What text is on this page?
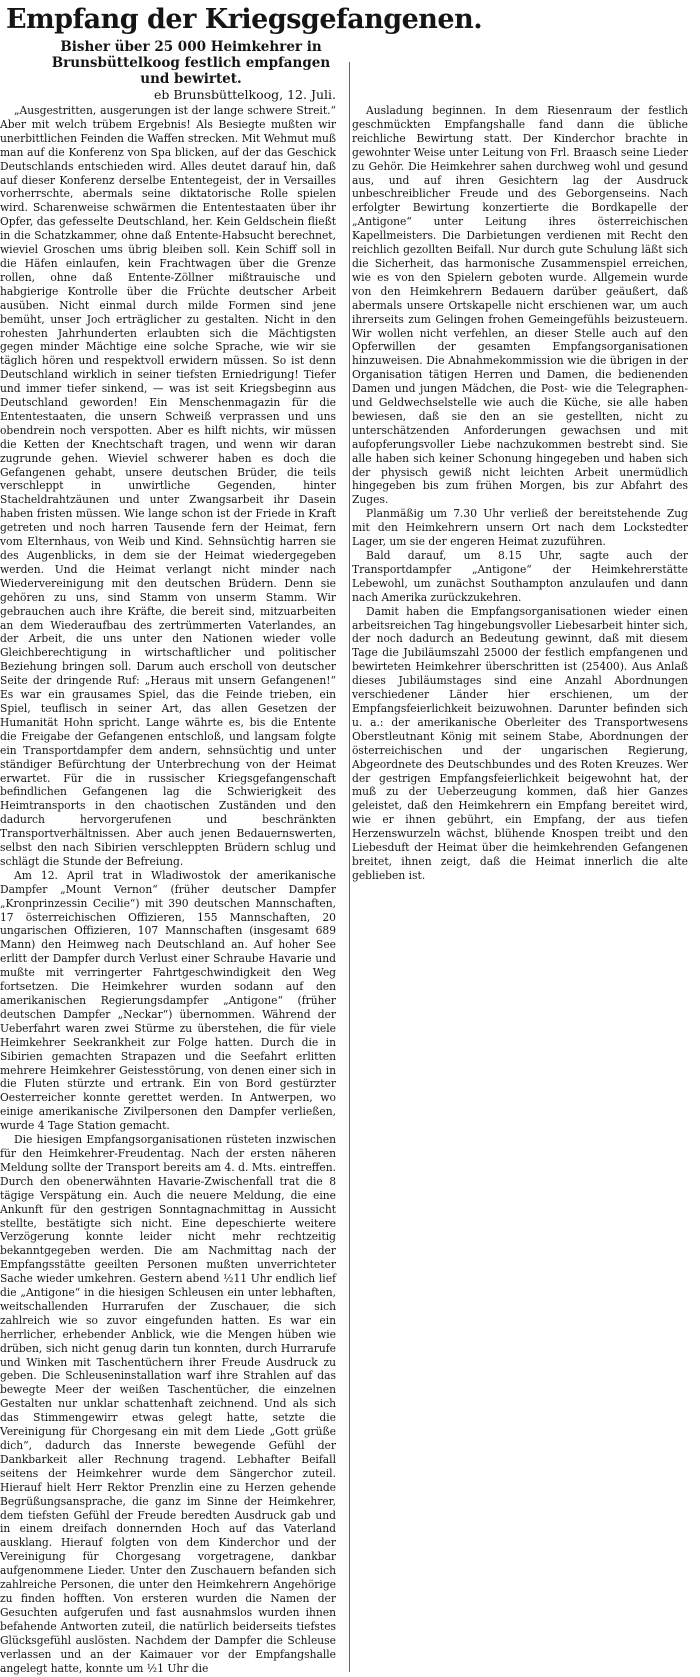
Empfang der Kriegsgefangenen.
Bisher über 25 000 Heimkehrer in Brunsbüttelkoog festlich empfangen und bewirtet.
eb Brunsbüttelkoog, 12. Juli.

„Ausgestritten, ausgerungen ist der lange schwere Streit.“ Aber mit welch trübem Ergebnis! Als Besiegte mußten wir unerbittlichen Feinden die Waffen strecken. Mit Wehmut muß man auf die Konferenz von Spa blicken, auf der das Geschick Deutschlands entschieden wird. Alles deutet darauf hin, daß auf dieser Konferenz derselbe Ententegeist, der in Versailles vorherrschte, abermals seine diktatorische Rolle spielen wird. Scharenweise schwärmen die Ententestaaten über ihr Opfer, das gefesselte Deutschland, her. Kein Geldschein fließt in die Schatzkammer, ohne daß Entente-Habsucht berechnet, wieviel Groschen ums übrig bleiben soll. Kein Schiff soll in die Häfen einlaufen, kein Frachtwagen über die Grenze rollen, ohne daß Entente-Zöllner mißtrauische und habgierige Kontrolle über die Früchte deutscher Arbeit ausüben. Nicht einmal durch milde Formen sind jene bemüht, unser Joch erträglicher zu gestalten. Nicht in den rohesten Jahrhunderten erlaubten sich die Mächtigsten gegen minder Mächtige eine solche Sprache, wie wir sie täglich hören und respektvoll erwidern müssen. So ist denn Deutschland wirklich in seiner tiefsten Erniedrigung! Tiefer und immer tiefer sinkend, — was ist seit Kriegsbeginn aus Deutschland geworden! Ein Menschenmagazin für die Ententestaaten, die unsern Schweiß verprassen und uns obendrein noch verspotten. Aber es hilft nichts, wir müssen die Ketten der Knechtschaft tragen, und wenn wir daran zugrunde gehen. Wieviel schwerer haben es doch die Gefangenen gehabt, unsere deutschen Brüder, die teils verschleppt in unwirtliche Gegenden, hinter Stacheldrahtzäunen und unter Zwangsarbeit ihr Dasein haben fristen müssen. Wie lange schon ist der Friede in Kraft getreten und noch harren Tausende fern der Heimat, fern vom Elternhaus, von Weib und Kind. Sehnsüchtig harren sie des Augenblicks, in dem sie der Heimat wiedergegeben werden. Und die Heimat verlangt nicht minder nach Wiedervereinigung mit den deutschen Brüdern. Denn sie gehören zu uns, sind Stamm von unserm Stamm. Wir gebrauchen auch ihre Kräfte, die bereit sind, mitzuarbeiten an dem Wiederaufbau des zertrümmerten Vaterlandes, an der Arbeit, die uns unter den Nationen wieder volle Gleichberechtigung in wirtschaftlicher und politischer Beziehung bringen soll. Darum auch erscholl von deutscher Seite der dringende Ruf: „Heraus mit unsern Gefangenen!“ Es war ein grausames Spiel, das die Feinde trieben, ein Spiel, teuflisch in seiner Art, das allen Gesetzen der Humanität Hohn spricht. Lange währte es, bis die Entente die Freigabe der Gefangenen entschloß, und langsam folgte ein Transportdampfer dem andern, sehnsüchtig und unter ständiger Befürchtung der Unterbrechung von der Heimat erwartet. Für die in russischer Kriegsgefangenschaft befindlichen Gefangenen lag die Schwierigkeit des Heimtransports in den chaotischen Zuständen und den dadurch hervorgerufenen und beschränkten Transportverhältnissen. Aber auch jenen Bedauernswerten, selbst den nach Sibirien verschleppten Brüdern schlug und schlägt die Stunde der Befreiung.

Am 12. April trat in Wladiwostok der amerikanische Dampfer „Mount Vernon“ (früher deutscher Dampfer „Kronprinzessin Cecilie“) mit 390 deutschen Mannschaften, 17 österreichischen Offizieren, 155 Mannschaften, 20 ungarischen Offizieren, 107 Mannschaften (insgesamt 689 Mann) den Heimweg nach Deutschland an. Auf hoher See erlitt der Dampfer durch Verlust einer Schraube Havarie und mußte mit verringerter Fahrtgeschwindigkeit den Weg fortsetzen. Die Heimkehrer wurden sodann auf den amerikanischen Regierungsdampfer „Antigone“ (früher deutschen Dampfer „Neckar“) übernommen. Während der Ueberfahrt waren zwei Stürme zu überstehen, die für viele Heimkehrer Seekrankheit zur Folge hatten. Durch die in Sibirien gemachten Strapazen und die Seefahrt erlitten mehrere Heimkehrer Geistesstörung, von denen einer sich in die Fluten stürzte und ertrank. Ein von Bord gestürzter Oesterreicher konnte gerettet werden. In Antwerpen, wo einige amerikanische Zivilpersonen den Dampfer verließen, wurde 4 Tage Station gemacht.

Die hiesigen Empfangsorganisationen rüsteten inzwischen für den Heimkehrer-Freudentag. Nach der ersten näheren Meldung sollte der Transport bereits am 4. d. Mts. eintreffen. Durch den obenerwähnten Havarie-Zwischenfall trat die 8 tägige Verspätung ein. Auch die neuere Meldung, die eine Ankunft für den gestrigen Sonntagnachmittag in Aussicht stellte, bestätigte sich nicht. Eine depeschierte weitere Verzögerung konnte leider nicht mehr rechtzeitig bekanntgegeben werden. Die am Nachmittag nach der Empfangsstätte geeilten Personen mußten unverrichteter Sache wieder umkehren. Gestern abend ½11 Uhr endlich lief die „Antigone“ in die hiesigen Schleusen ein unter lebhaften, weitschallenden Hurrarufen der Zuschauer, die sich zahlreich wie so zuvor eingefunden hatten. Es war ein herrlicher, erhebender Anblick, wie die Mengen hüben wie drüben, sich nicht genug darin tun konnten, durch Hurrarufe und Winken mit Taschentüchern ihrer Freude Ausdruck zu geben. Die Schleuseninstallation warf ihre Strahlen auf das bewegte Meer der weißen Taschentücher, die einzelnen Gestalten nur unklar schattenhaft zeichnend. Und als sich das Stimmengewirr etwas gelegt hatte, setzte die Vereinigung für Chorgesang ein mit dem Liede „Gott grüße dich“, dadurch das Innerste bewegende Gefühl der Dankbarkeit aller Rechnung tragend. Lebhafter Beifall seitens der Heimkehrer wurde dem Sängerchor zuteil. Hierauf hielt Herr Rektor Prenzlin eine zu Herzen gehende Begrüßungsansprache, die ganz im Sinne der Heimkehrer, dem tiefsten Gefühl der Freude beredten Ausdruck gab und in einem dreifach donnernden Hoch auf das Vaterland ausklang. Hierauf folgten von dem Kinderchor und der Vereinigung für Chorgesang vorgetragene, dankbar aufgenommene Lieder. Unter den Zuschauern befanden sich zahlreiche Personen, die unter den Heimkehrern Angehörige zu finden hofften. Von ersteren wurden die Namen der Gesuchten aufgerufen und fast ausnahmslos wurden ihnen befahende Antworten zuteil, die natürlich beiderseits tiefstes Glücksgefühl auslösten. Nachdem der Dampfer die Schleuse verlassen und an der Kaimauer vor der Empfangshalle angelegt hatte, konnte um ½1 Uhr die

Ausladung beginnen. In dem Riesenraum der festlich geschmückten Empfangshalle fand dann die übliche reichliche Bewirtung statt. Der Kinderchor brachte in gewohnter Weise unter Leitung von Frl. Braasch seine Lieder zu Gehör. Die Heimkehrer sahen durchweg wohl und gesund aus, und auf ihren Gesichtern lag der Ausdruck unbeschreiblicher Freude und des Geborgenseins. Nach erfolgter Bewirtung konzertierte die Bordkapelle der „Antigone“ unter Leitung ihres österreichischen Kapellmeisters. Die Darbietungen verdienen mit Recht den reichlich gezollten Beifall. Nur durch gute Schulung läßt sich die Sicherheit, das harmonische Zusammenspiel erreichen, wie es von den Spielern geboten wurde. Allgemein wurde von den Heimkehrern Bedauern darüber geäußert, daß abermals unsere Ortskapelle nicht erschienen war, um auch ihrerseits zum Gelingen frohen Gemeingefühls beizusteuern. Wir wollen nicht verfehlen, an dieser Stelle auch auf den Opferwillen der gesamten Empfangsorganisationen hinzuweisen. Die Abnahmekommission wie die übrigen in der Organisation tätigen Herren und Damen, die bedienenden Damen und jungen Mädchen, die Post- wie die Telegraphen- und Geldwechselstelle wie auch die Küche, sie alle haben bewiesen, daß sie den an sie gestellten, nicht zu unterschätzenden Anforderungen gewachsen und mit aufopferungsvoller Liebe nachzukommen bestrebt sind. Sie alle haben sich keiner Schonung hingegeben und haben sich der physisch gewiß nicht leichten Arbeit unermüdlich hingegeben bis zum frühen Morgen, bis zur Abfahrt des Zuges.

Planmäßig um 7.30 Uhr verließ der bereitstehende Zug mit den Heimkehrern unsern Ort nach dem Lockstedter Lager, um sie der engeren Heimat zuzuführen.

Bald darauf, um 8.15 Uhr, sagte auch der Transportdampfer „Antigone“ der Heimkehrerstätte Lebewohl, um zunächst Southampton anzulaufen und dann nach Amerika zurückzukehren.

Damit haben die Empfangsorganisationen wieder einen arbeitsreichen Tag hingebungsvoller Liebesarbeit hinter sich, der noch dadurch an Bedeutung gewinnt, daß mit diesem Tage die Jubiläumszahl 25000 der festlich empfangenen und bewirteten Heimkehrer überschritten ist (25400). Aus Anlaß dieses Jubiläumstages sind eine Anzahl Abordnungen verschiedener Länder hier erschienen, um der Empfangsfeierlichkeit beizuwohnen. Darunter befinden sich u. a.: der amerikanische Oberleiter des Transportwesens Oberstleutnant König mit seinem Stabe, Abordnungen der österreichischen und der ungarischen Regierung, Abgeordnete des Deutschbundes und des Roten Kreuzes. Wer der gestrigen Empfangsfeierlichkeit beigewohnt hat, der muß zu der Ueberzeugung kommen, daß hier Ganzes geleistet, daß den Heimkehrern ein Empfang bereitet wird, wie er ihnen gebührt, ein Empfang, der aus tiefen Herzenswurzeln wächst, blühende Knospen treibt und den Liebesduft der Heimat über die heimkehrenden Gefangenen breitet, ihnen zeigt, daß die Heimat innerlich die alte geblieben ist.
